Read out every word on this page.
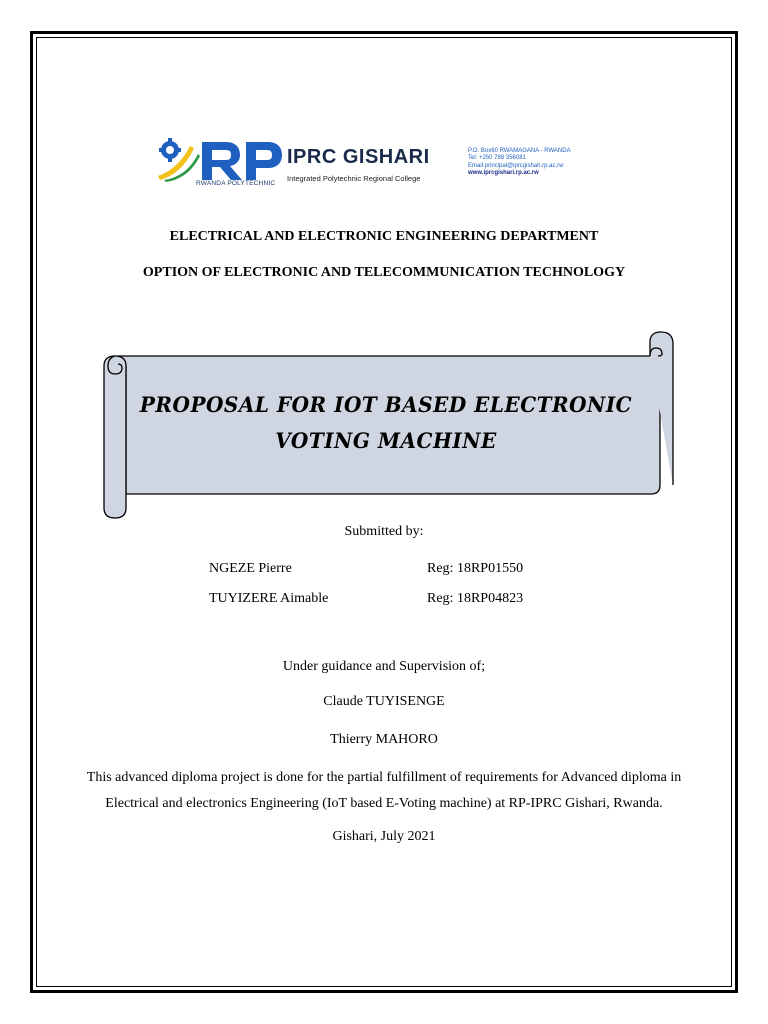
RWANDA POLYTECHNIC
IPRC GISHARI
Integrated Polytechnic Regional College
P.O. Box60 RWAMAGANA - RWANDA
Tel: +250 788 356081
Email:principal@iprcgishari.rp.ac.rw
www.iprcgishari.rp.ac.rw
ELECTRICAL AND ELECTRONIC ENGINEERING DEPARTMENT
OPTION OF ELECTRONIC AND TELECOMMUNICATION TECHNOLOGY
PROPOSAL FOR IOT BASED ELECTRONIC
VOTING MACHINE
Submitted by:
NGEZE Pierre	Reg: 18RP01550
TUYIZERE Aimable	Reg: 18RP04823
Under guidance and Supervision of;
Claude TUYISENGE
Thierry MAHORO
This advanced diploma project is done for the partial fulfillment of requirements for Advanced diploma in Electrical and electronics Engineering (IoT based E-Voting machine) at RP-IPRC Gishari, Rwanda.
Gishari, July 2021
